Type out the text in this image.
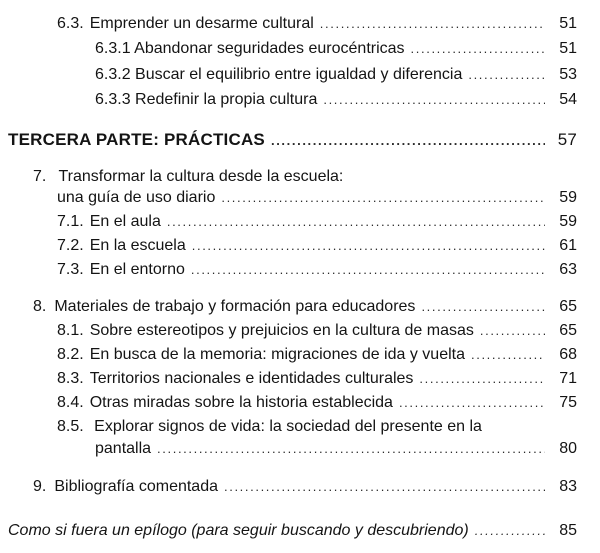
6.3. Emprender un desarme cultural . . .	51
6.3.1 Abandonar seguridades eurocéntricas . . .	51
6.3.2 Buscar el equilibrio entre igualdad y diferencia . . .	53
6.3.3 Redefinir la propia cultura . . .	54
TERCERA PARTE: PRÁCTICAS . . .	57
7. Transformar la cultura desde la escuela:
una guía de uso diario . . .	59
7.1. En el aula . . .	59
7.2. En la escuela . . .	61
7.3. En el entorno . . .	63
8. Materiales de trabajo y formación para educadores . . .	65
8.1. Sobre estereotipos y prejuicios en la cultura de masas . . .	65
8.2. En busca de la memoria: migraciones de ida y vuelta . . .	68
8.3. Territorios nacionales e identidades culturales . . .	71
8.4. Otras miradas sobre la historia establecida . . .	75
8.5. Explorar signos de vida: la sociedad del presente en la
pantalla . . .	80
9. Bibliografía comentada . . .	83
Como si fuera un epílogo (para seguir buscando y descubriendo) . . .	85
